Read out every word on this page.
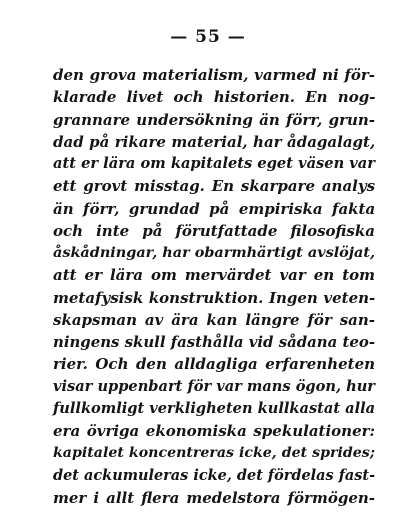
— 55 —
den grova materialism, varmed ni för-
klarade livet och historien. En nog-
grannare undersökning än förr, grun-
dad på rikare material, har ådagalagt,
att er lära om kapitalets eget väsen var
ett grovt misstag. En skarpare analys
än förr, grundad på empiriska fakta
och inte på förutfattade filosofiska
åskådningar, har obarmhärtigt avslöjat,
att er lära om mervärdet var en tom
metafysisk konstruktion. Ingen veten-
skapsman av ära kan längre för san-
ningens skull fasthålla vid sådana teo-
rier. Och den alldagliga erfarenheten
visar uppenbart för var mans ögon, hur
fullkomligt verkligheten kullkastat alla
era övriga ekonomiska spekulationer:
kapitalet koncentreras icke, det sprides;
det ackumuleras icke, det fördelas fast-
mer i allt flera medelstora förmögen-
